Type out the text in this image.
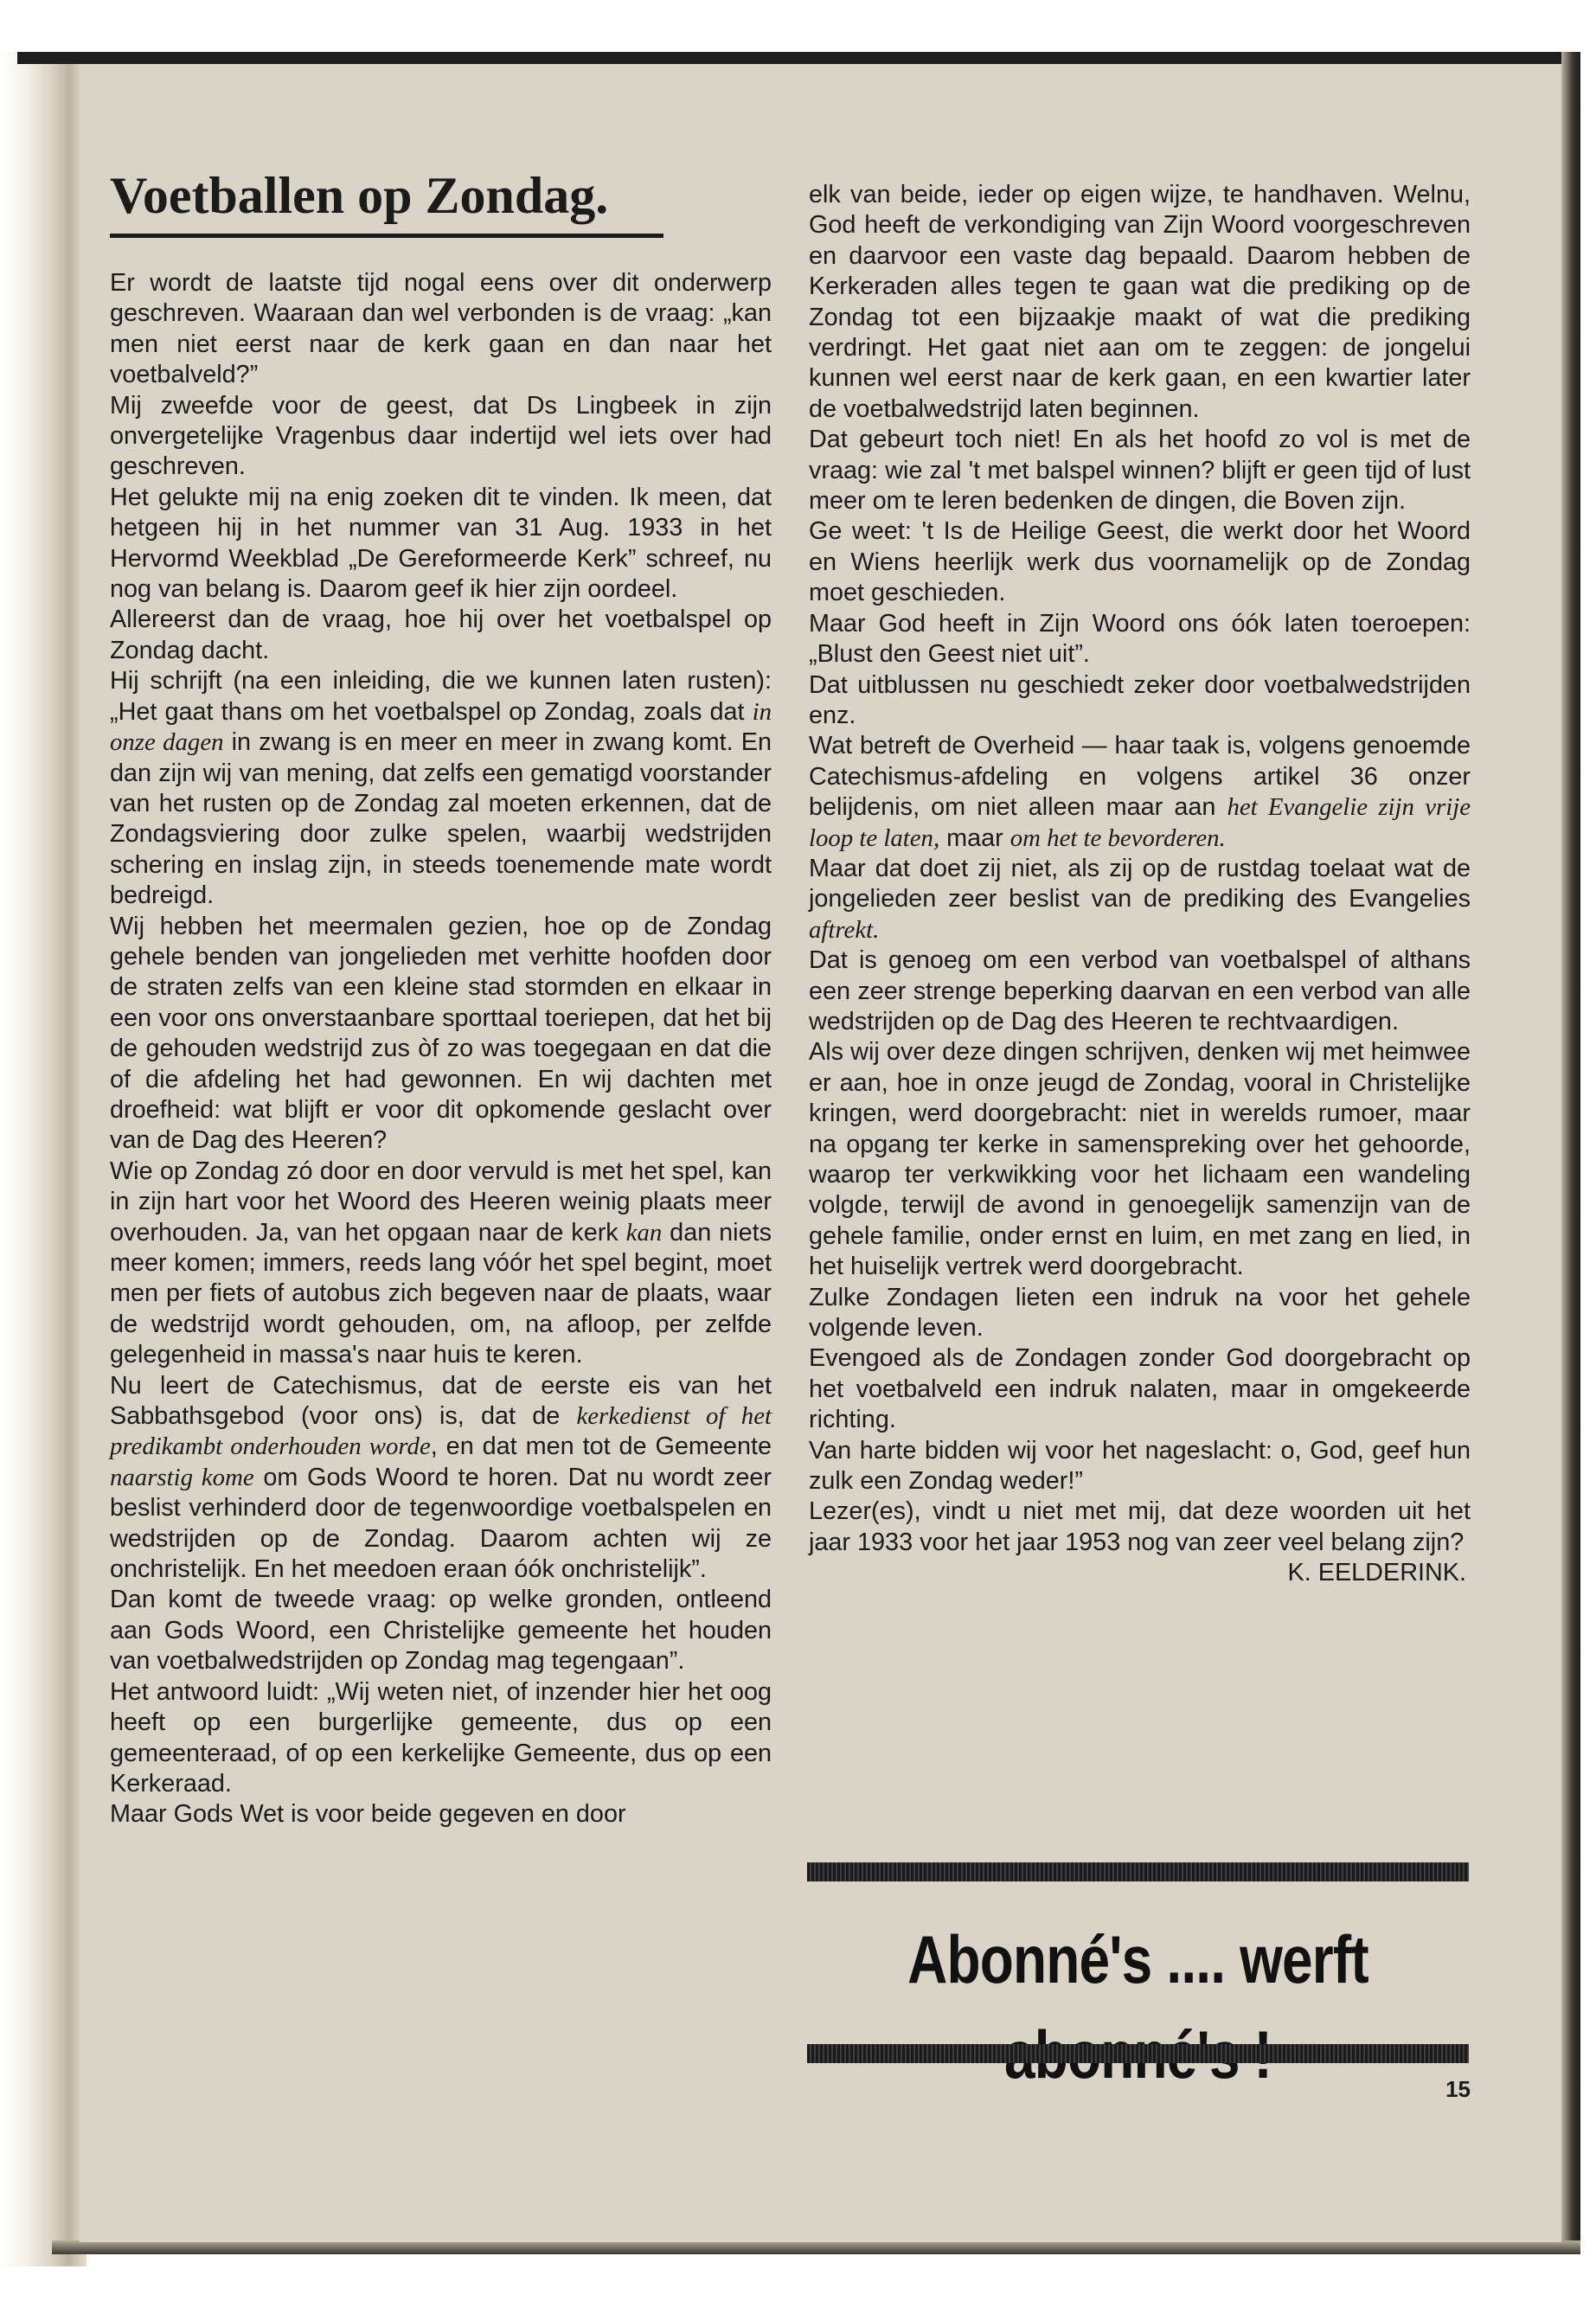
Voetballen op Zondag.

Er wordt de laatste tijd nogal eens over dit onderwerp geschreven. Waaraan dan wel verbonden is de vraag: „kan men niet eerst naar de kerk gaan en dan naar het voetbalveld?”

Mij zweefde voor de geest, dat Ds Lingbeek in zijn onvergetelijke Vragenbus daar indertijd wel iets over had geschreven.

Het gelukte mij na enig zoeken dit te vinden. Ik meen, dat hetgeen hij in het nummer van 31 Aug. 1933 in het Hervormd Weekblad „De Gereformeerde Kerk” schreef, nu nog van belang is. Daarom geef ik hier zijn oordeel.

Allereerst dan de vraag, hoe hij over het voetbalspel op Zondag dacht.

Hij schrijft (na een inleiding, die we kunnen laten rusten): „Het gaat thans om het voetbalspel op Zondag, zoals dat in onze dagen in zwang is en meer en meer in zwang komt. En dan zijn wij van mening, dat zelfs een gematigd voorstander van het rusten op de Zondag zal moeten erkennen, dat de Zondagsviering door zulke spelen, waarbij wedstrijden schering en inslag zijn, in steeds toenemende mate wordt bedreigd.

Wij hebben het meermalen gezien, hoe op de Zondag gehele benden van jongelieden met verhitte hoofden door de straten zelfs van een kleine stad stormden en elkaar in een voor ons onverstaanbare sporttaal toeriepen, dat het bij de gehouden wedstrijd zus òf zo was toegegaan en dat die of die afdeling het had gewonnen. En wij dachten met droefheid: wat blijft er voor dit opkomende geslacht over van de Dag des Heeren?

Wie op Zondag zó door en door vervuld is met het spel, kan in zijn hart voor het Woord des Heeren weinig plaats meer overhouden. Ja, van het opgaan naar de kerk kan dan niets meer komen; immers, reeds lang vóór het spel begint, moet men per fiets of autobus zich begeven naar de plaats, waar de wedstrijd wordt gehouden, om, na afloop, per zelfde gelegenheid in massa's naar huis te keren.

Nu leert de Catechismus, dat de eerste eis van het Sabbathsgebod (voor ons) is, dat de kerkedienst of het predikambt onderhouden worde, en dat men tot de Gemeente naarstig kome om Gods Woord te horen. Dat nu wordt zeer beslist verhinderd door de tegenwoordige voetbalspelen en wedstrijden op de Zondag. Daarom achten wij ze onchristelijk. En het meedoen eraan óók onchristelijk”.

Dan komt de tweede vraag: op welke gronden, ontleend aan Gods Woord, een Christelijke gemeente het houden van voetbalwedstrijden op Zondag mag tegengaan”.

Het antwoord luidt: „Wij weten niet, of inzender hier het oog heeft op een burgerlijke gemeente, dus op een gemeenteraad, of op een kerkelijke Gemeente, dus op een Kerkeraad.

Maar Gods Wet is voor beide gegeven en door

elk van beide, ieder op eigen wijze, te handhaven. Welnu, God heeft de verkondiging van Zijn Woord voorgeschreven en daarvoor een vaste dag bepaald. Daarom hebben de Kerkeraden alles tegen te gaan wat die prediking op de Zondag tot een bijzaakje maakt of wat die prediking verdringt. Het gaat niet aan om te zeggen: de jongelui kunnen wel eerst naar de kerk gaan, en een kwartier later de voetbalwedstrijd laten beginnen.

Dat gebeurt toch niet! En als het hoofd zo vol is met de vraag: wie zal 't met balspel winnen? blijft er geen tijd of lust meer om te leren bedenken de dingen, die Boven zijn.

Ge weet: 't Is de Heilige Geest, die werkt door het Woord en Wiens heerlijk werk dus voornamelijk op de Zondag moet geschieden.

Maar God heeft in Zijn Woord ons óók laten toeroepen: „Blust den Geest niet uit”.

Dat uitblussen nu geschiedt zeker door voetbalwedstrijden enz.

Wat betreft de Overheid — haar taak is, volgens genoemde Catechismus-afdeling en volgens artikel 36 onzer belijdenis, om niet alleen maar aan het Evangelie zijn vrije loop te laten, maar om het te bevorderen.

Maar dat doet zij niet, als zij op de rustdag toelaat wat de jongelieden zeer beslist van de prediking des Evangelies aftrekt.

Dat is genoeg om een verbod van voetbalspel of althans een zeer strenge beperking daarvan en een verbod van alle wedstrijden op de Dag des Heeren te rechtvaardigen.

Als wij over deze dingen schrijven, denken wij met heimwee er aan, hoe in onze jeugd de Zondag, vooral in Christelijke kringen, werd doorgebracht: niet in werelds rumoer, maar na opgang ter kerke in samenspreking over het gehoorde, waarop ter verkwikking voor het lichaam een wandeling volgde, terwijl de avond in genoegelijk samenzijn van de gehele familie, onder ernst en luim, en met zang en lied, in het huiselijk vertrek werd doorgebracht.

Zulke Zondagen lieten een indruk na voor het gehele volgende leven.

Evengoed als de Zondagen zonder God doorgebracht op het voetbalveld een indruk nalaten, maar in omgekeerde richting.

Van harte bidden wij voor het nageslacht: o, God, geef hun zulk een Zondag weder!”

Lezer(es), vindt u niet met mij, dat deze woorden uit het jaar 1933 voor het jaar 1953 nog van zeer veel belang zijn?

K. EELDERINK.

Abonné's .... werft

15
